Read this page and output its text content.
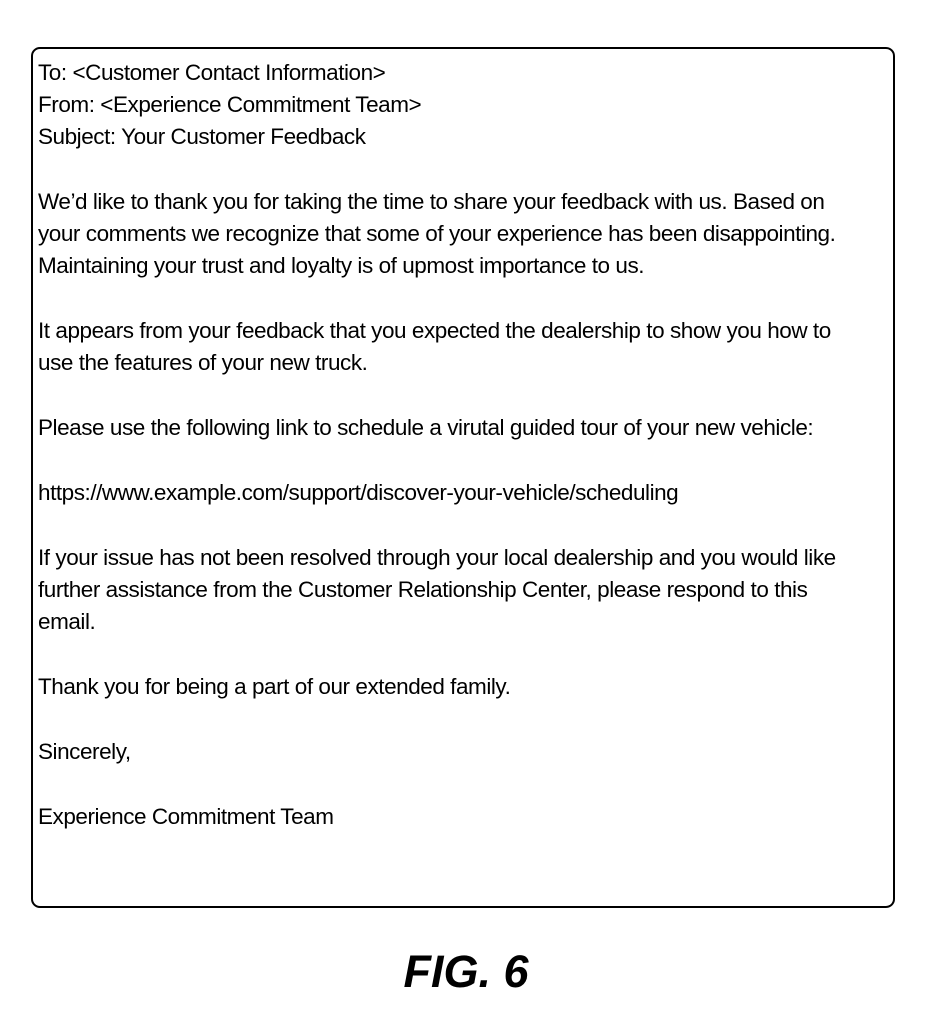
To: <Customer Contact Information>

From: <Experience Commitment Team>

Subject: Your Customer Feedback

We’d like to thank you for taking the time to share your feedback with us. Based on

your comments we recognize that some of your experience has been disappointing.

Maintaining your trust and loyalty is of upmost importance to us.

It appears from your feedback that you expected the dealership to show you how to

use the features of your new truck.

Please use the following link to schedule a virutal guided tour of your new vehicle:

https://www.example.com/support/discover-your-vehicle/scheduling

If your issue has not been resolved through your local dealership and you would like

further assistance from the Customer Relationship Center, please respond to this

email.

Thank you for being a part of our extended family.

Sincerely,

Experience Commitment Team

FIG. 6
